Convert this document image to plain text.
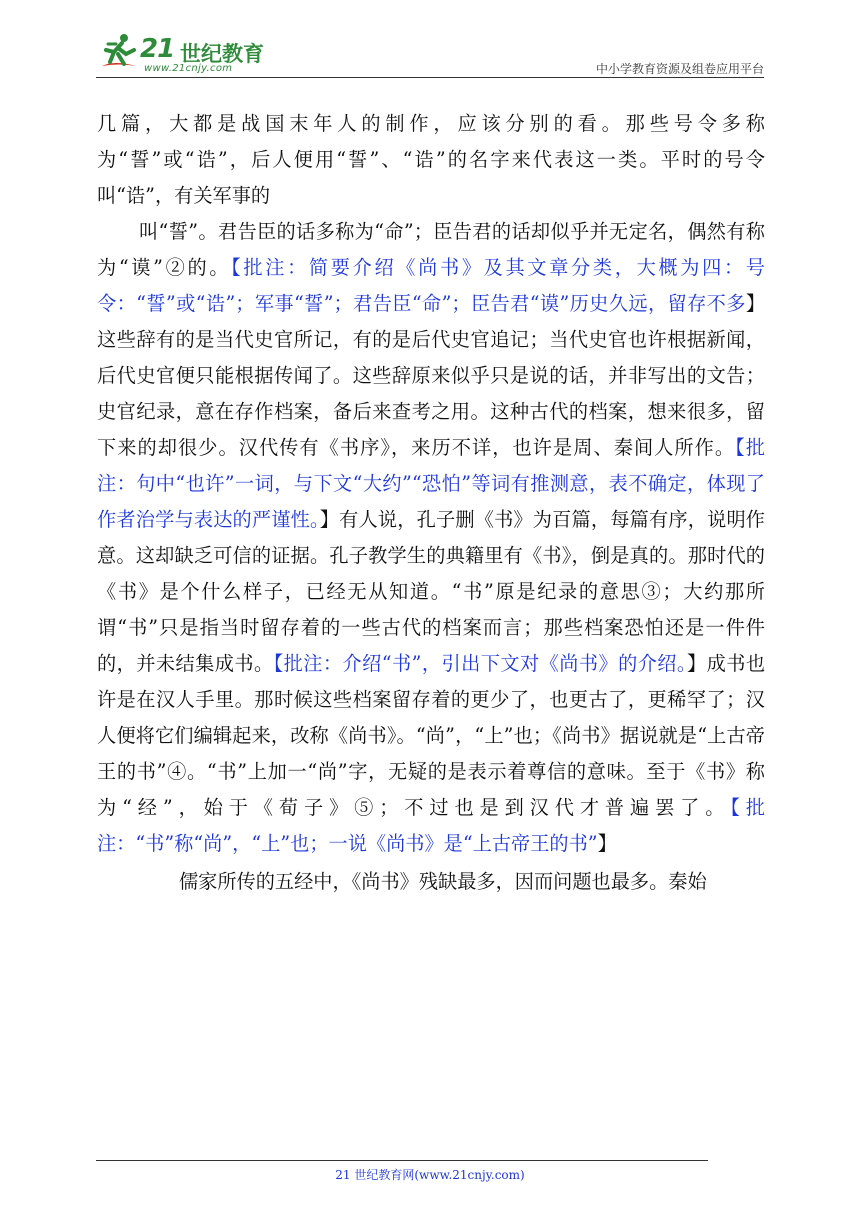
21 世纪教育
www.21cnjy.com	中小学教育资源及组卷应用平台

几篇，大都是战国末年人的制作，应该分别的看。那些号令多称为“誓”或“诰”，后人便用“誓”、“诰”的名字来代表这一类。平时的号令叫“诰”，有关军事的

叫“誓”。君告臣的话多称为“命”；臣告君的话却似乎并无定名，偶然有称为“谟”②的。【批注：简要介绍《尚书》及其文章分类，大概为四：号令：“誓”或“诰”；军事“誓”；君告臣“命”；臣告君“谟”历史久远，留存不多】这些辞有的是当代史官所记，有的是后代史官追记；当代史官也许根据新闻，后代史官便只能根据传闻了。这些辞原来似乎只是说的话，并非写出的文告；史官纪录，意在存作档案，备后来查考之用。这种古代的档案，想来很多，留下来的却很少。汉代传有《书序》，来历不详，也许是周、秦间人所作。【批注：句中“也许”一词，与下文“大约”“恐怕”等词有推测意，表不确定，体现了作者治学与表达的严谨性。】有人说，孔子删《书》为百篇，每篇有序，说明作意。这却缺乏可信的证据。孔子教学生的典籍里有《书》，倒是真的。那时代的《书》是个什么样子，已经无从知道。“书”原是纪录的意思③；大约那所谓“书”只是指当时留存着的一些古代的档案而言；那些档案恐怕还是一件件的，并未结集成书。【批注：介绍“书”，引出下文对《尚书》的介绍。】成书也许是在汉人手里。那时候这些档案留存着的更少了，也更古了，更稀罕了；汉人便将它们编辑起来，改称《尚书》。“尚”，“上”也；《尚书》据说就是“上古帝王的书”④。“书”上加一“尚”字，无疑的是表示着尊信的意味。至于《书》称为“经”，始于《荀子》⑤；不过也是到汉代才普遍罢了。【批注：“书”称“尚”，“上”也；一说《尚书》是“上古帝王的书”】

儒家所传的五经中，《尚书》残缺最多，因而问题也最多。秦始

21 世纪教育网(www.21cnjy.com)
